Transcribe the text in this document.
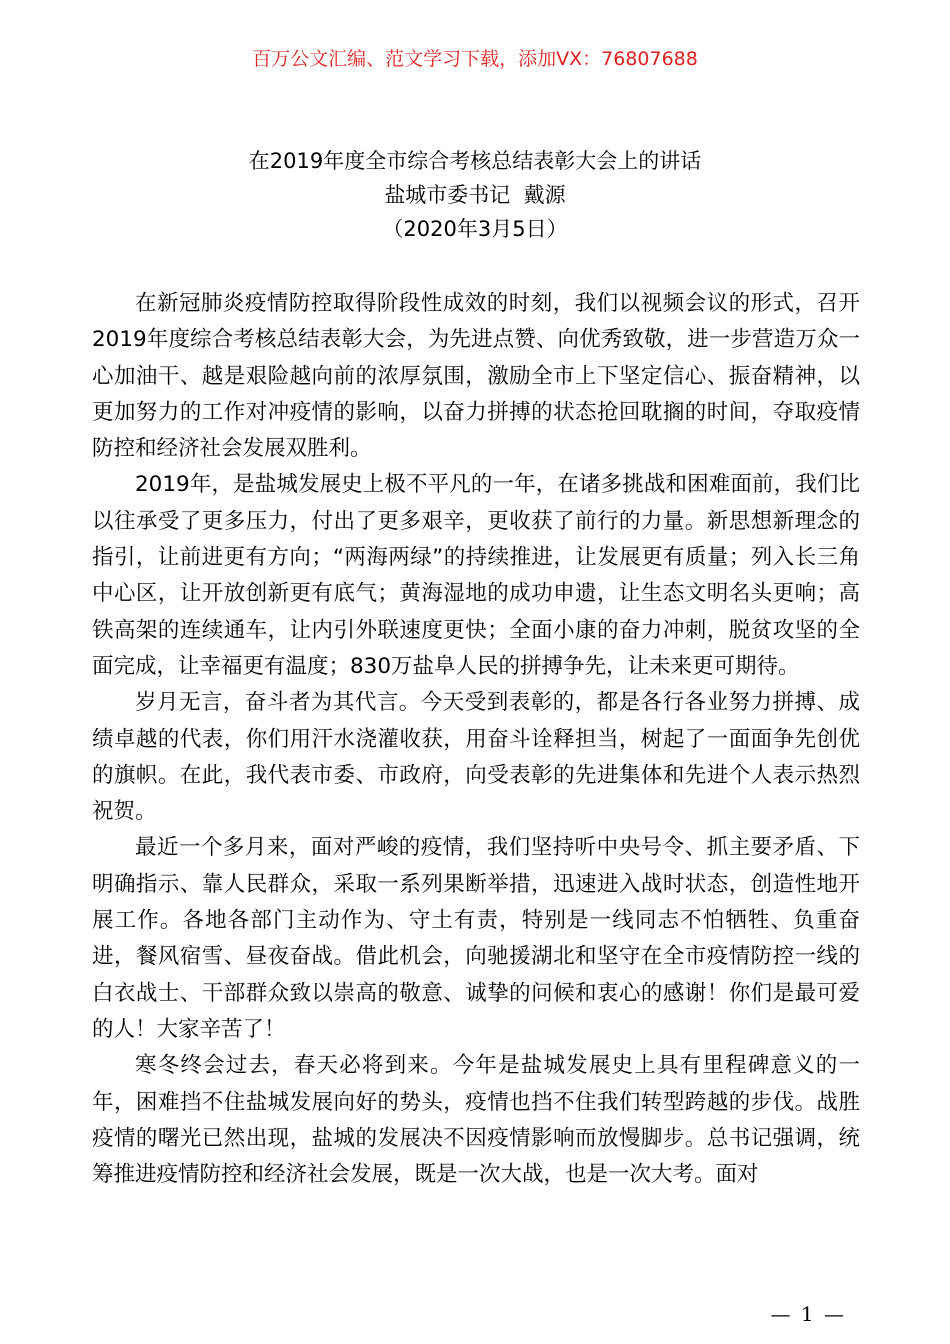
百万公文汇编、范文学习下载，添加VX：76807688
在2019年度全市综合考核总结表彰大会上的讲话
盐城市委书记  戴源
（2020年3月5日）

在新冠肺炎疫情防控取得阶段性成效的时刻，我们以视频会议的形式，召开2019年度综合考核总结表彰大会，为先进点赞、向优秀致敬，进一步营造万众一心加油干、越是艰险越向前的浓厚氛围，激励全市上下坚定信心、振奋精神，以更加努力的工作对冲疫情的影响，以奋力拼搏的状态抢回耽搁的时间，夺取疫情防控和经济社会发展双胜利。

2019年，是盐城发展史上极不平凡的一年，在诸多挑战和困难面前，我们比以往承受了更多压力，付出了更多艰辛，更收获了前行的力量。新思想新理念的指引，让前进更有方向；“两海两绿”的持续推进，让发展更有质量；列入长三角中心区，让开放创新更有底气；黄海湿地的成功申遗，让生态文明名头更响；高铁高架的连续通车，让内引外联速度更快；全面小康的奋力冲刺，脱贫攻坚的全面完成，让幸福更有温度；830万盐阜人民的拼搏争先，让未来更可期待。

岁月无言，奋斗者为其代言。今天受到表彰的，都是各行各业努力拼搏、成绩卓越的代表，你们用汗水浇灌收获，用奋斗诠释担当，树起了一面面争先创优的旗帜。在此，我代表市委、市政府，向受表彰的先进集体和先进个人表示热烈祝贺。

最近一个多月来，面对严峻的疫情，我们坚持听中央号令、抓主要矛盾、下明确指示、靠人民群众，采取一系列果断举措，迅速进入战时状态，创造性地开展工作。各地各部门主动作为、守土有责，特别是一线同志不怕牺牲、负重奋进，餐风宿雪、昼夜奋战。借此机会，向驰援湖北和坚守在全市疫情防控一线的白衣战士、干部群众致以崇高的敬意、诚挚的问候和衷心的感谢！你们是最可爱的人！大家辛苦了！

寒冬终会过去，春天必将到来。今年是盐城发展史上具有里程碑意义的一年，困难挡不住盐城发展向好的势头，疫情也挡不住我们转型跨越的步伐。战胜疫情的曙光已然出现，盐城的发展决不因疫情影响而放慢脚步。总书记强调，统筹推进疫情防控和经济社会发展，既是一次大战，也是一次大考。面对

— 1 —
